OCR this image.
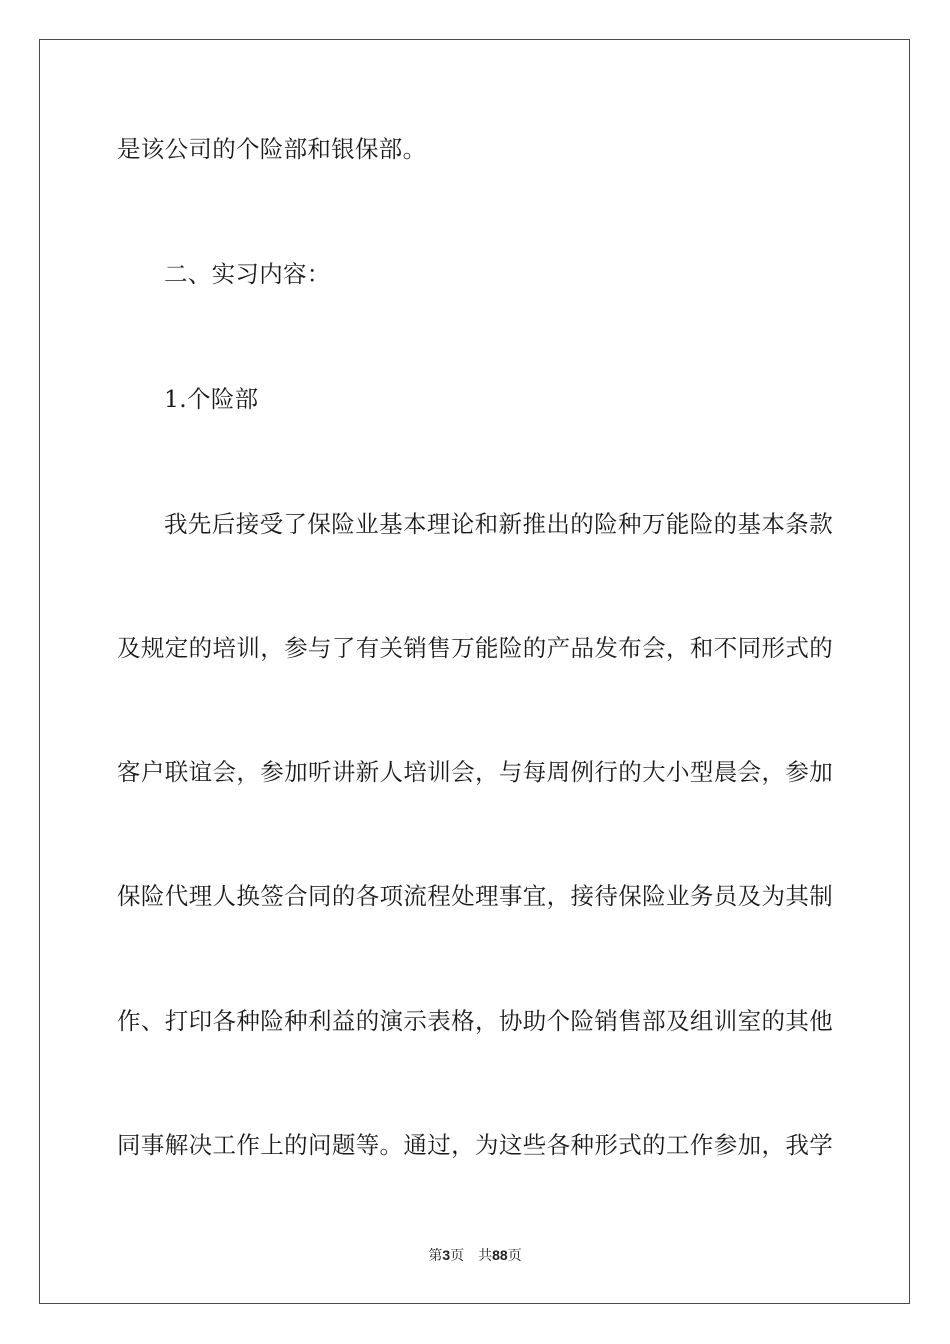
是该公司的个险部和银保部。
二、实习内容：
1.个险部
我先后接受了保险业基本理论和新推出的险种万能险的基本条款
及规定的培训，参与了有关销售万能险的产品发布会，和不同形式的
客户联谊会，参加听讲新人培训会，与每周例行的大小型晨会，参加
保险代理人换签合同的各项流程处理事宜，接待保险业务员及为其制
作、打印各种险种利益的演示表格，协助个险销售部及组训室的其他
同事解决工作上的问题等。通过，为这些各种形式的工作参加，我学
第3页 共88页
